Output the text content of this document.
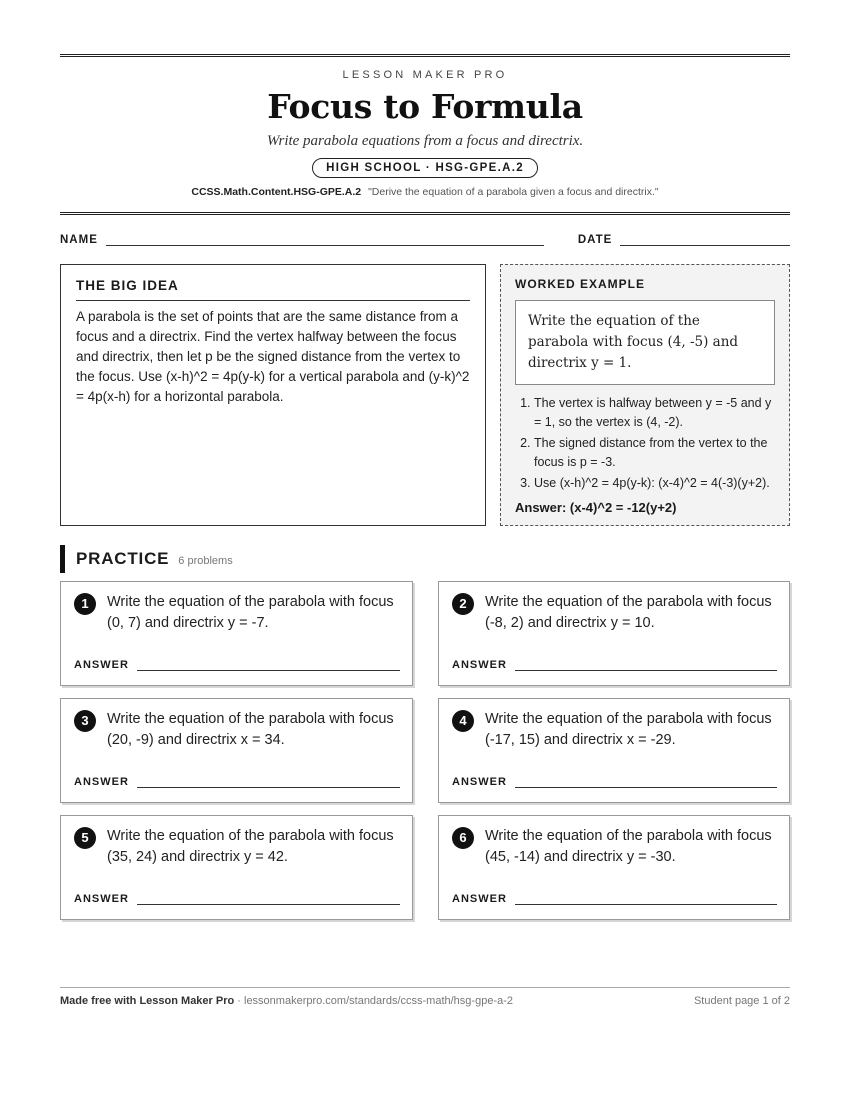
LESSON MAKER PRO
Focus to Formula
Write parabola equations from a focus and directrix.
HIGH SCHOOL · HSG-GPE.A.2
CCSS.Math.Content.HSG-GPE.A.2 "Derive the equation of a parabola given a focus and directrix."
NAME	DATE
THE BIG IDEA
A parabola is the set of points that are the same distance from a focus and a directrix. Find the vertex halfway between the focus and directrix, then let p be the signed distance from the vertex to the focus. Use (x-h)^2 = 4p(y-k) for a vertical parabola and (y-k)^2 = 4p(x-h) for a horizontal parabola.
WORKED EXAMPLE
Write the equation of the parabola with focus (4, -5) and directrix y = 1.
1. The vertex is halfway between y = -5 and y = 1, so the vertex is (4, -2).
2. The signed distance from the vertex to the focus is p = -3.
3. Use (x-h)^2 = 4p(y-k): (x-4)^2 = 4(-3)(y+2).
Answer: (x-4)^2 = -12(y+2)
PRACTICE 6 problems
1	Write the equation of the parabola with focus (0, 7) and directrix y = -7.
ANSWER
2	Write the equation of the parabola with focus (-8, 2) and directrix y = 10.
ANSWER
3	Write the equation of the parabola with focus (20, -9) and directrix x = 34.
ANSWER
4	Write the equation of the parabola with focus (-17, 15) and directrix x = -29.
ANSWER
5	Write the equation of the parabola with focus (35, 24) and directrix y = 42.
ANSWER
6	Write the equation of the parabola with focus (45, -14) and directrix y = -30.
ANSWER
Made free with Lesson Maker Pro · lessonmakerpro.com/standards/ccss-math/hsg-gpe-a-2	Student page 1 of 2
